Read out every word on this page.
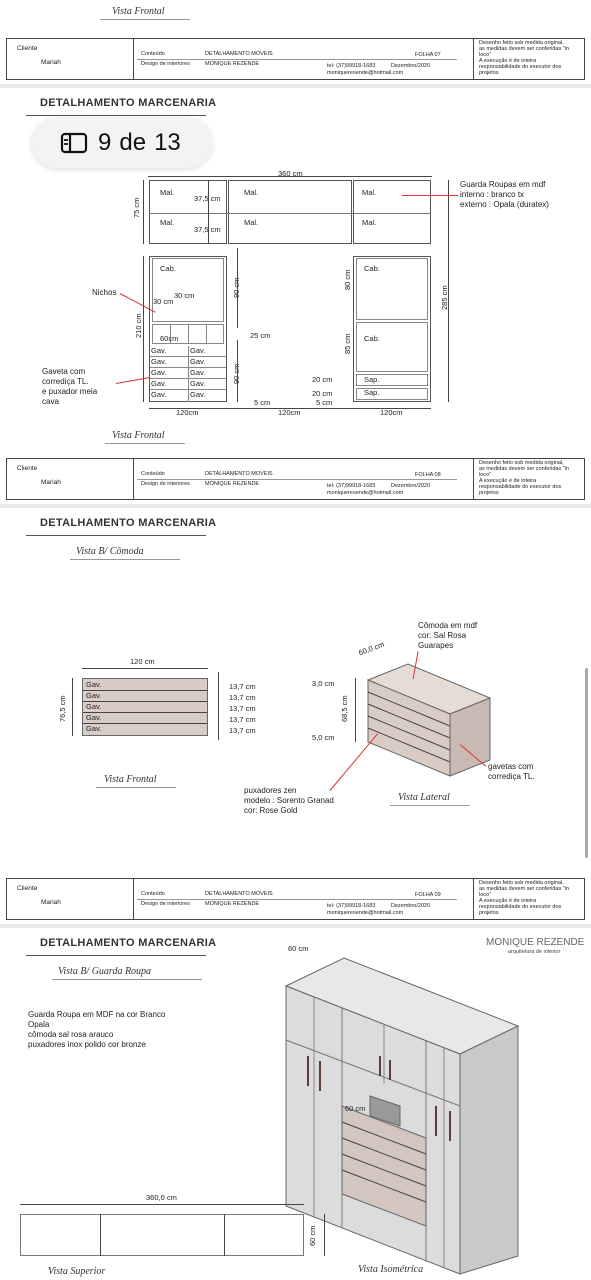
Vista Frontal
Cliente
Mariah
Conteúdo	DETALHAMENTO MOVEIS	FOLHA 07
Design de interiores	MONIQUE REZENDE	tel- (37)99918-1683	Dezembro/2020
moniqueresende@hotmail.com
Desenho feito sob medida original,
as medidas devem ser conferidas "in
loco"
A execução é de inteira
responsabilidade do executor dos
projetos
DETALHAMENTO MARCENARIA
360 cm
Mal.	Mal.	Mal.
Mal.	Mal.	Mal.
37,5 cm
37,5 cm
75 cm
Cab.
30 cm
30 cm
60cm
Gav.	Gav.
Gav.	Gav.
Gav.	Gav.
Gav.	Gav.
Gav.	Gav.
210 cm
90 cm
25 cm
90 cm
5 cm
Cab.
Cab.
Sap.
Sap.
80 cm
85 cm
20 cm
20 cm
5 cm
285 cm
120cm	120cm	120cm
Guarda Roupas em mdf
interno : branco tx
externo : Opala (duratex)
Nichos
Gaveta com
corrediça TL.
e puxador meia
cava
Vista Frontal
Cliente
Mariah
Conteúdo	DETALHAMENTO MOVEIS	FOLHA 08
Design de interiores	MONIQUE REZENDE	tel- (37)99918-1683	Dezembro/2020
moniqueresende@hotmail.com
Desenho feito sob medida original,
as medidas devem ser conferidas "in
loco"
A execução é de inteira
responsabilidade do executor dos
projetos
DETALHAMENTO MARCENARIA
Vista B/ Cômoda
120 cm
Gav.
Gav.
Gav.
Gav.
Gav.
76,5 cm
13,7 cm
13,7 cm
13,7 cm
13,7 cm
13,7 cm
Vista Frontal
60,0 cm
3,0 cm
68,5 cm
5,0 cm
Cômoda em mdf
cor: Sal Rosa
Guarapes
puxadores zen
modelo : Sorento Granad
cor: Rose Gold
gavetas com
corrediça TL.
Vista Lateral
Cliente
Mariah
Conteúdo	DETALHAMENTO MOVEIS	FOLHA 09
Design de interiores	MONIQUE REZENDE	tel- (37)99918-1683	Dezembro/2020
moniqueresende@hotmail.com
Desenho feito sob medida original,
as medidas devem ser conferidas "in
loco"
A execução é de inteira
responsabilidade do executor dos
projetos
DETALHAMENTO MARCENARIA
Vista B/ Guarda Roupa
MONIQUE REZENDE
arquitetura de interior
Guarda Roupa em MDF na cor Branco
Opala
cômoda sal rosa arauco
puxadores inox polido cor bronze
60 cm
60 cm
360,0 cm
60 cm
Vista Superior	Vista Isométrica
9 de 13
